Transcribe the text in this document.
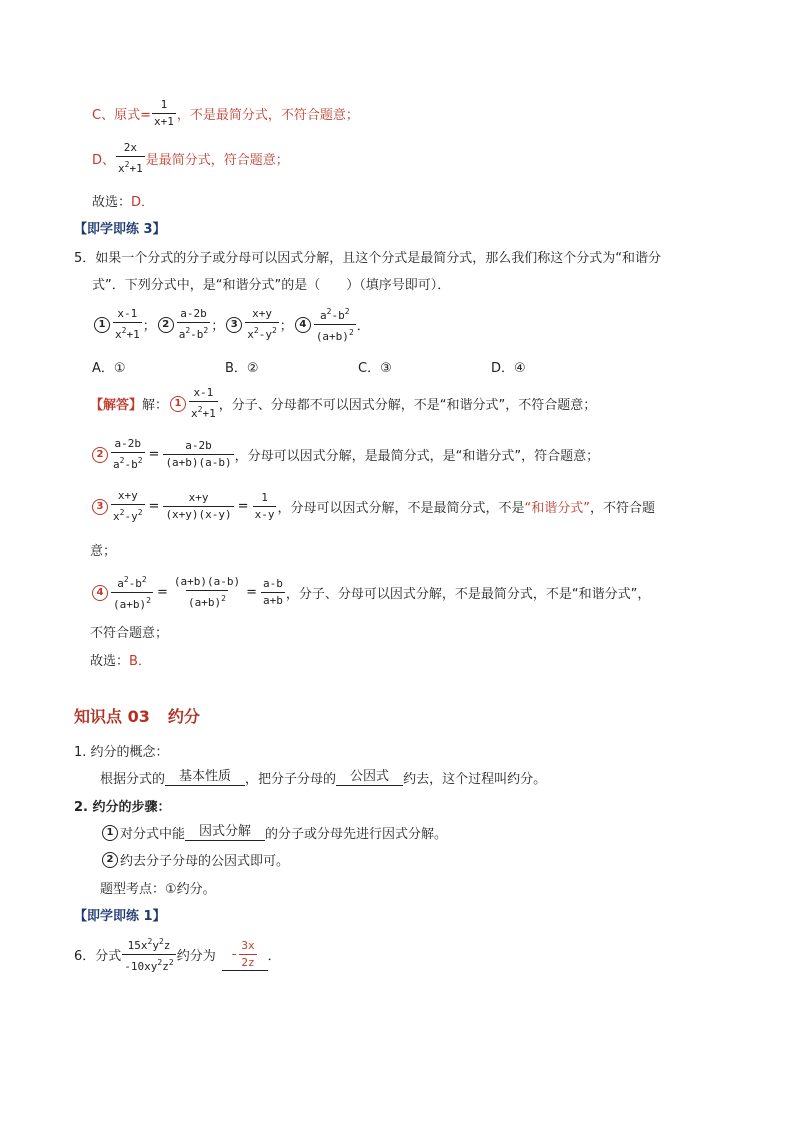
C、原式= $\frac{1}{x+1}$ ，不是最简分式，不符合题意；
D、 $\frac{2x}{x^2+1}$ 是最简分式，符合题意；
故选： D．
【即学即练 3】
5． 如果一个分式的分子或分母可以因式分解，且这个分式是最简分式，那么我们称这个分式为“和谐分
式”．下列分式中，是“和谐分式”的是（　　）（填序号即可）．
$1 \frac{x-1}{x^2+1}$ ； $2 \frac{a-2b}{a^2-b^2}$ ； $3 \frac{x+y}{x^2-y^2}$ ； $4 \frac{a^2-b^2}{(a+b)^2}$ ．
A．①	B．②	C．③	D．④
【解答】 解： $1 \frac{x-1}{x^2+1}$ ，分子、分母都不可以因式分解，不是“和谐分式”，不符合题意；
$2 \frac{a-2b}{a^2-b^2} = \frac{a-2b}{(a+b)(a-b)}$ ，分母可以因式分解，是最简分式，是“和谐分式”，符合题意；
$3 \frac{x+y}{x^2-y^2} = \frac{x+y}{(x+y)(x-y)} = \frac{1}{x-y}$ ，分母可以因式分解，不是最简分式，不是 “和谐分式” ，不符合题
意；
$4 \frac{a^2-b^2}{(a+b)^2} = \frac{(a+b)(a-b)}{(a+b)^2} = \frac{a-b}{a+b}$ ，分子、分母可以因式分解，不是最简分式，不是“和谐分式”，
不符合题意；
故选： B．
知识点 03 约分
1. 约分的概念：
根据分式的	基本性质	，把分子分母的	公因式	约去，这个过程叫约分。
2. 约分的步骤：
1 对分式中能	因式分解	的分子或分母先进行因式分解。
2 约去分子分母的公因式即可。
题型考点：①约分。
【即学即练 1】
6． 分式 $\frac{15x^2y^2z}{-10xy^2z^2}$ 约分为 - $\frac{3x}{2z}$ ．
